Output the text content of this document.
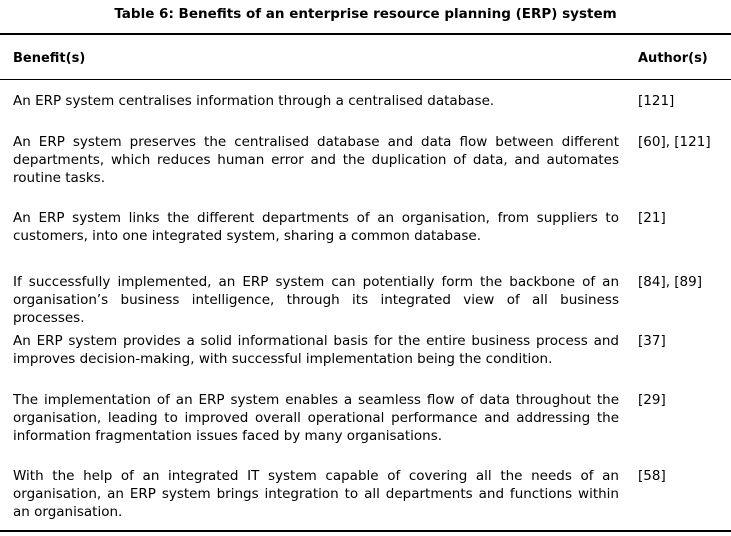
Table 6: Benefits of an enterprise resource planning (ERP) system
Benefit(s)	Author(s)
An ERP system centralises information through a centralised database.	[121]
An ERP system preserves the centralised database and data flow between different departments, which reduces human error and the duplication of data, and automates routine tasks.
[60], [121]
An ERP system links the different departments of an organisation, from suppliers to customers, into one integrated system, sharing a common database.
[21]
If successfully implemented, an ERP system can potentially form the backbone of an organisation’s business intelligence, through its integrated view of all business processes.
[84], [89]
An ERP system provides a solid informational basis for the entire business process and improves decision-making, with successful implementation being the condition.
[37]
The implementation of an ERP system enables a seamless flow of data throughout the organisation, leading to improved overall operational performance and addressing the information fragmentation issues faced by many organisations.
[29]
With the help of an integrated IT system capable of covering all the needs of an organisation, an ERP system brings integration to all departments and functions within an organisation.
[58]
